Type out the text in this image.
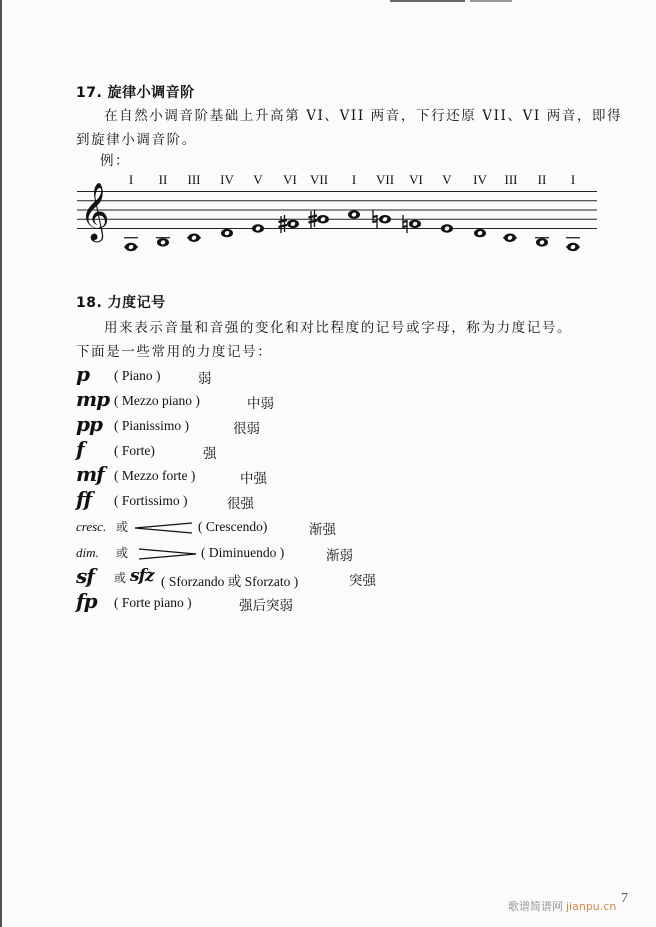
17. 旋律小调音阶
在自然小调音阶基础上升高第 VI、VII 两音，下行还原 VII、VI 两音，即得
到旋律小调音阶。
例：
I II III IV V VI VII I VII VI V IV III II I
𝄞
18. 力度记号
用来表示音量和音强的变化和对比程度的记号或字母，称为力度记号。
下面是一些常用的力度记号：
p ( Piano )	弱
mp ( Mezzo piano )	中弱
pp ( Pianissimo )	很弱
f ( Forte)	强
mf ( Mezzo forte )	中强
ff ( Fortissimo )	很强
cresc. 或	( Crescendo)	渐强
dim. 或	( Diminuendo )	渐弱
sf 或 sfz ( Sforzando 或 Sforzato )	突强
fp ( Forte piano )	强后突弱
歌谱简谱网 jianpu.cn
7
